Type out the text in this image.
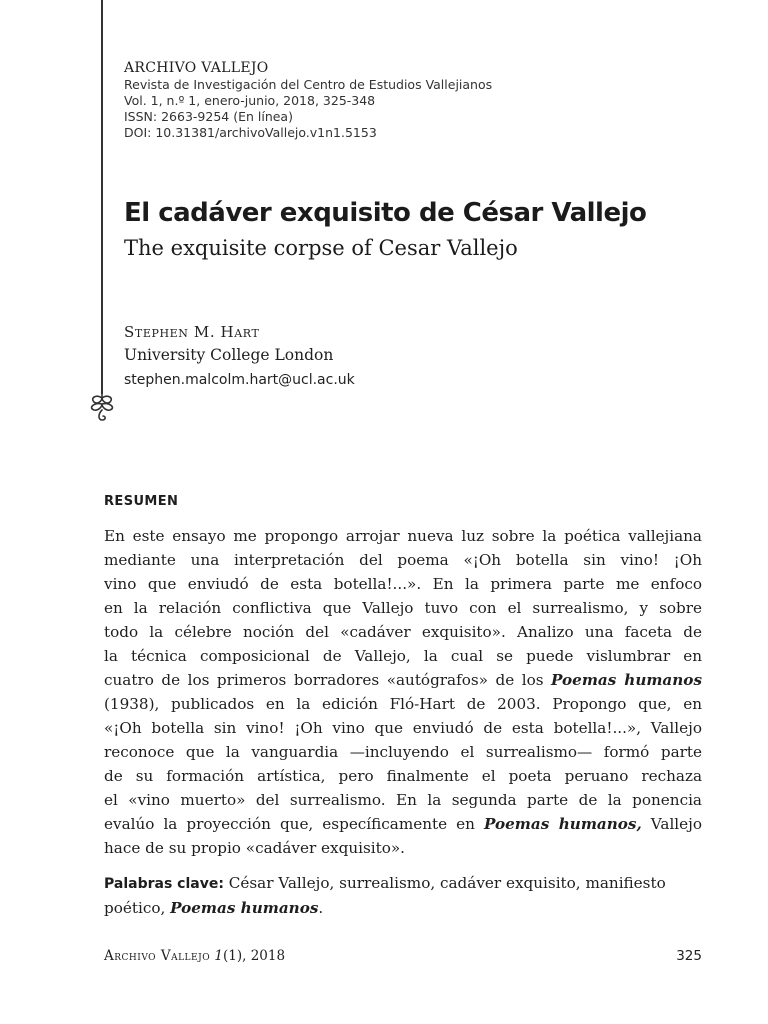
ARCHIVO VALLEJO
Revista de Investigación del Centro de Estudios Vallejianos
Vol. 1, n.º 1, enero-junio, 2018, 325-348
ISSN: 2663-9254 (En línea)
DOI: 10.31381/archivoVallejo.v1n1.5153
El cadáver exquisito de César Vallejo
The exquisite corpse of Cesar Vallejo
Stephen M. Hart
University College London
stephen.malcolm.hart@ucl.ac.uk
RESUMEN
En este ensayo me propongo arrojar nueva luz sobre la poética vallejiana
mediante una interpretación del poema «¡Oh botella sin vino! ¡Oh
vino que enviudó de esta botella!...». En la primera parte me enfoco
en la relación conflictiva que Vallejo tuvo con el surrealismo, y sobre
todo la célebre noción del «cadáver exquisito». Analizo una faceta de
la técnica composicional de Vallejo, la cual se puede vislumbrar en
cuatro de los primeros borradores «autógrafos» de los Poemas humanos
(1938), publicados en la edición Fló-Hart de 2003. Propongo que, en
«¡Oh botella sin vino! ¡Oh vino que enviudó de esta botella!...», Vallejo
reconoce que la vanguardia —incluyendo el surrealismo— formó parte
de su formación artística, pero finalmente el poeta peruano rechaza
el «vino muerto» del surrealismo. En la segunda parte de la ponencia
evalúo la proyección que, específicamente en Poemas humanos, Vallejo
hace de su propio «cadáver exquisito».
Palabras clave: César Vallejo, surrealismo, cadáver exquisito, manifiesto
poético, Poemas humanos.
Archivo Vallejo 1(1), 2018	325
